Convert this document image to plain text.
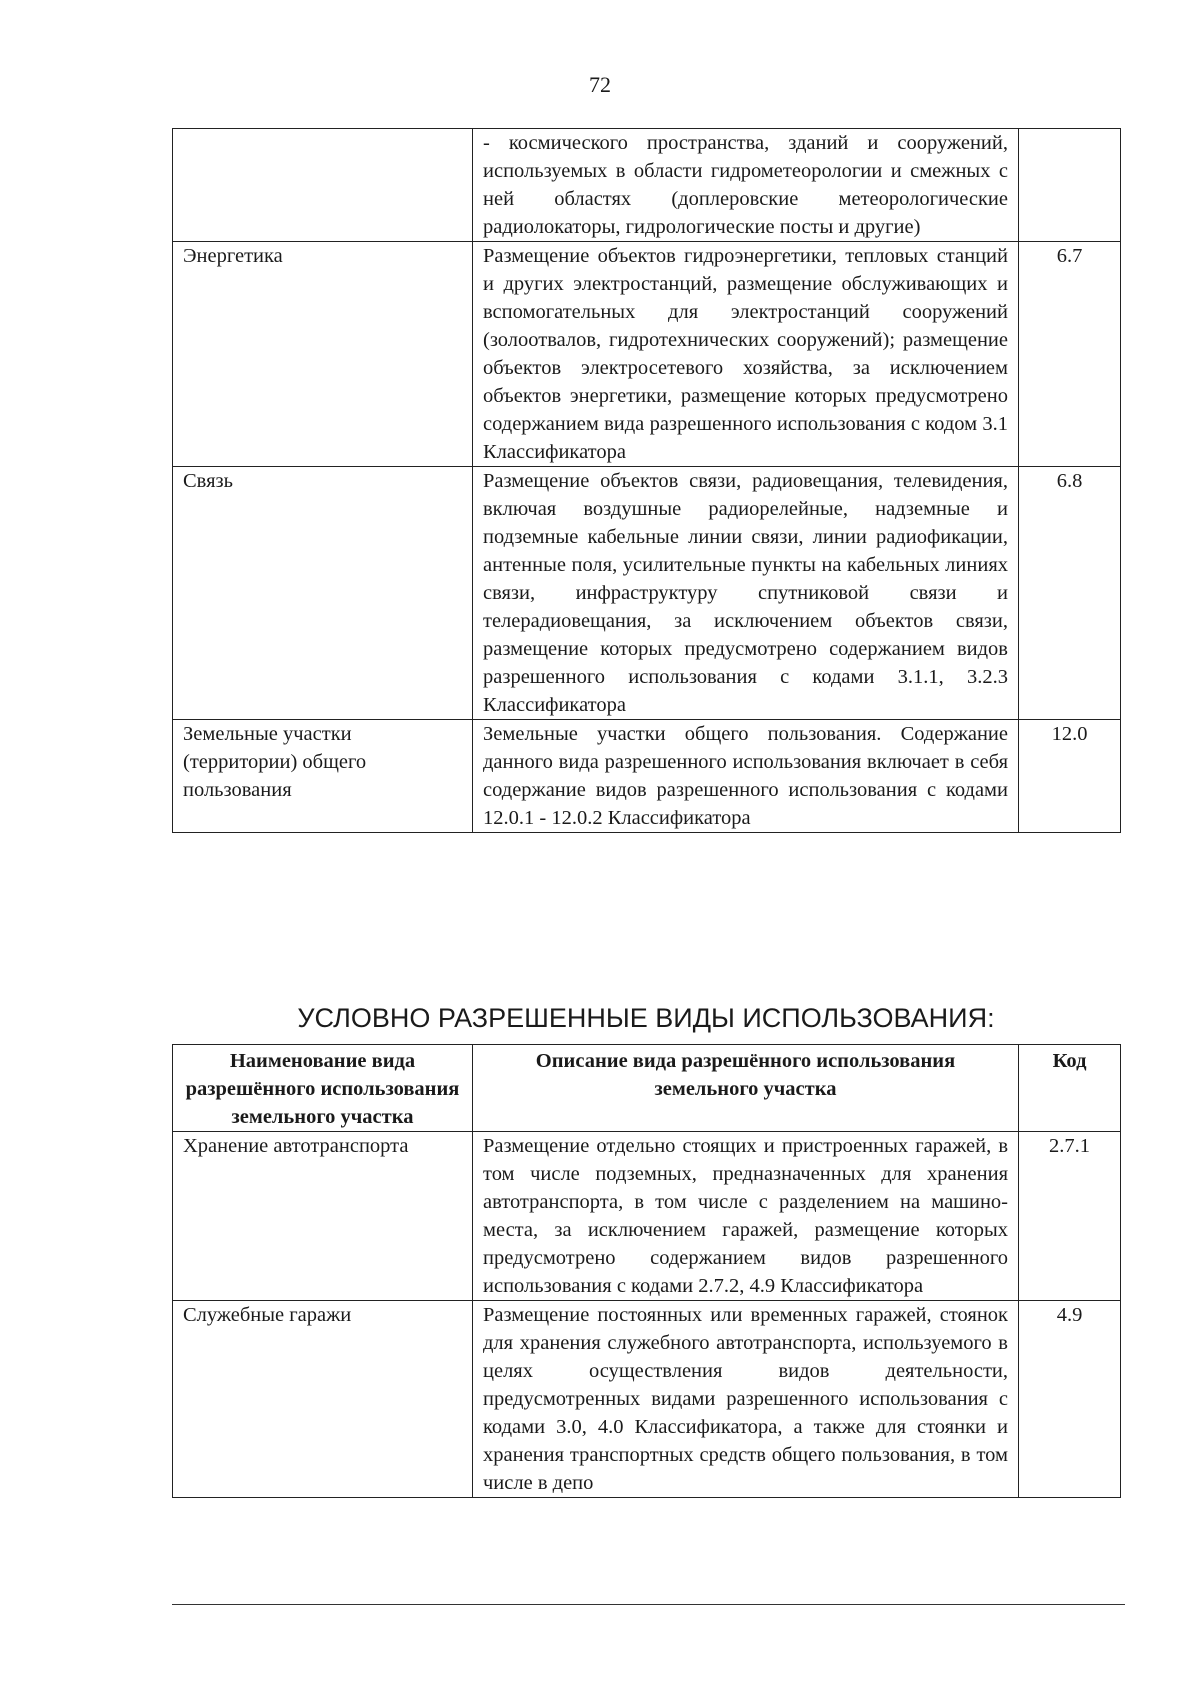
72
	- космического пространства, зданий и сооружений, используемых в области гидрометеорологии и смежных с ней областях (доплеровские метеорологические радиолокаторы, гидрологические посты и другие)	
Энергетика	Размещение объектов гидроэнергетики, тепловых станций и других электростанций, размещение обслуживающих и вспомогательных для электростанций сооружений (золоотвалов, гидротехнических сооружений); размещение объектов электросетевого хозяйства, за исключением объектов энергетики, размещение которых предусмотрено содержанием вида разрешенного использования с кодом 3.1 Классификатора	6.7
Связь	Размещение объектов связи, радиовещания, телевидения, включая воздушные радиорелейные, надземные и подземные кабельные линии связи, линии радиофикации, антенные поля, усилительные пункты на кабельных линиях связи, инфраструктуру спутниковой связи и телерадиовещания, за исключением объектов связи, размещение которых предусмотрено содержанием видов разрешенного использования с кодами 3.1.1, 3.2.3 Классификатора	6.8
Земельные участки (территории) общего пользования	Земельные участки общего пользования. Содержание данного вида разрешенного использования включает в себя содержание видов разрешенного использования с кодами 12.0.1 - 12.0.2 Классификатора	12.0
УСЛОВНО РАЗРЕШЕННЫЕ ВИДЫ ИСПОЛЬЗОВАНИЯ:
Наименование вида разрешённого использования земельного участка	Описание вида разрешённого использования земельного участка	Код
Хранение автотранспорта	Размещение отдельно стоящих и пристроенных гаражей, в том числе подземных, предназначенных для хранения автотранспорта, в том числе с разделением на машино-места, за исключением гаражей, размещение которых предусмотрено содержанием видов разрешенного использования с кодами 2.7.2, 4.9 Классификатора	2.7.1
Служебные гаражи	Размещение постоянных или временных гаражей, стоянок для хранения служебного автотранспорта, используемого в целях осуществления видов деятельности, предусмотренных видами разрешенного использования с кодами 3.0, 4.0 Классификатора, а также для стоянки и хранения транспортных средств общего пользования, в том числе в депо	4.9
